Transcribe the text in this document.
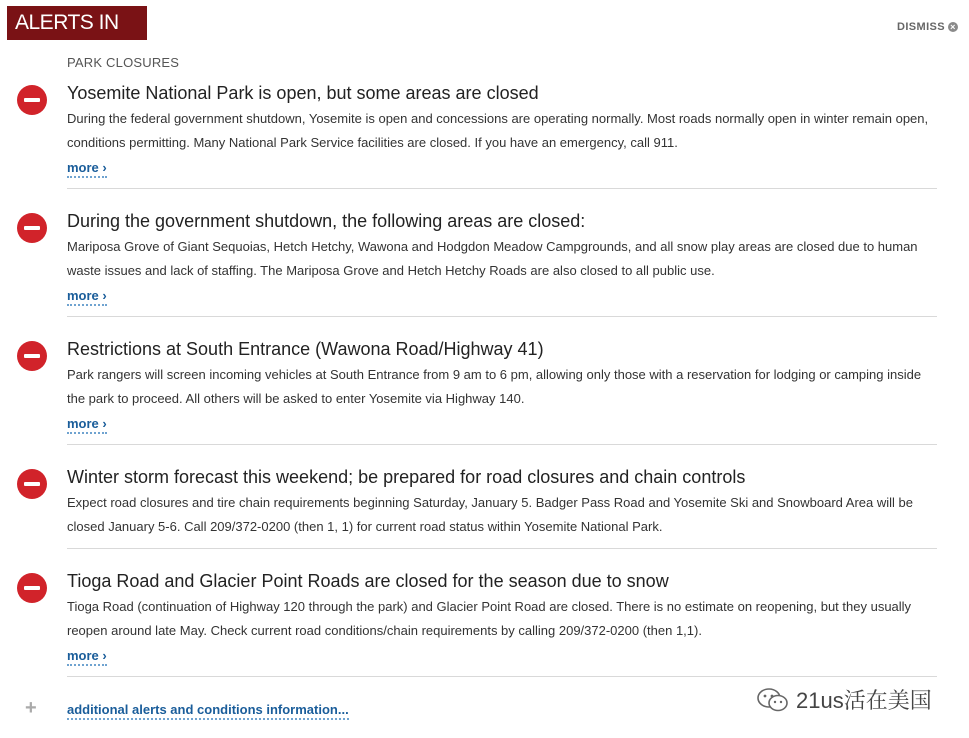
ALERTS IN EFFECT
DISMISS ×
PARK CLOSURES
Yosemite National Park is open, but some areas are closed
During the federal government shutdown, Yosemite is open and concessions are operating normally. Most roads normally open in winter remain open, conditions permitting. Many National Park Service facilities are closed. If you have an emergency, call 911.
more ›
During the government shutdown, the following areas are closed:
Mariposa Grove of Giant Sequoias, Hetch Hetchy, Wawona and Hodgdon Meadow Campgrounds, and all snow play areas are closed due to human waste issues and lack of staffing. The Mariposa Grove and Hetch Hetchy Roads are also closed to all public use.
more ›
Restrictions at South Entrance (Wawona Road/Highway 41)
Park rangers will screen incoming vehicles at South Entrance from 9 am to 6 pm, allowing only those with a reservation for lodging or camping inside the park to proceed. All others will be asked to enter Yosemite via Highway 140.
more ›
Winter storm forecast this weekend; be prepared for road closures and chain controls
Expect road closures and tire chain requirements beginning Saturday, January 5. Badger Pass Road and Yosemite Ski and Snowboard Area will be closed January 5-6. Call 209/372-0200 (then 1, 1) for current road status within Yosemite National Park.
Tioga Road and Glacier Point Roads are closed for the season due to snow
Tioga Road (continuation of Highway 120 through the park) and Glacier Point Road are closed. There is no estimate on reopening, but they usually reopen around late May. Check current road conditions/chain requirements by calling 209/372-0200 (then 1,1).
more ›
+ additional alerts and conditions information...	21us活在美国
